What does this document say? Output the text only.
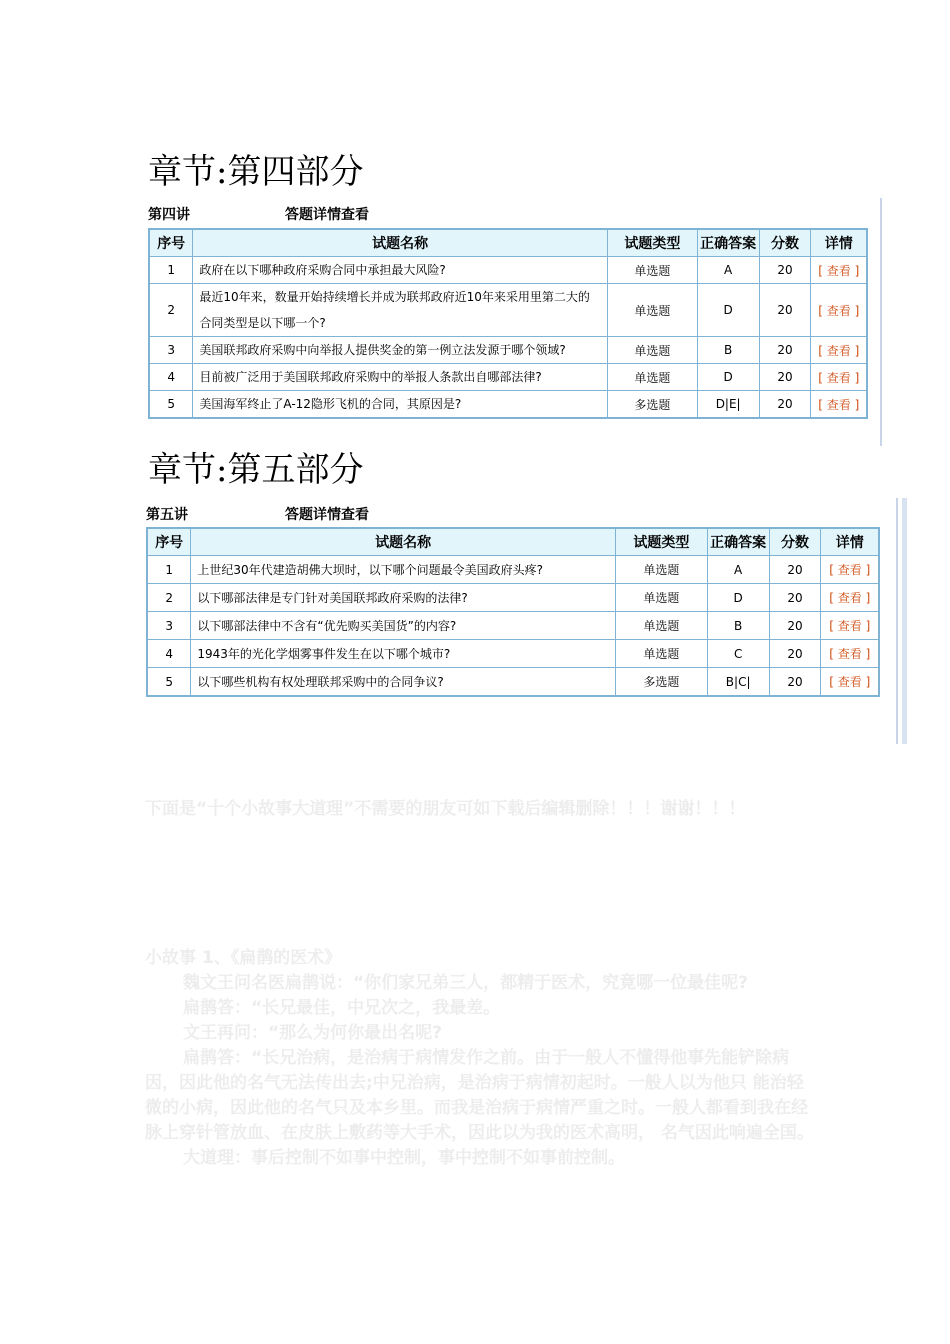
章节:第四部分
第四讲	答题详情查看
序号	试题名称	试题类型	正确答案	分数	详情
1	政府在以下哪种政府采购合同中承担最大风险?	单选题	A	20	[ 查看 ]
2	最近10年来，数量开始持续增长并成为联邦政府近10年来采用里第二大的合同类型是以下哪一个?	单选题	D	20	[ 查看 ]
3	美国联邦政府采购中向举报人提供奖金的第一例立法发源于哪个领域?	单选题	B	20	[ 查看 ]
4	目前被广泛用于美国联邦政府采购中的举报人条款出自哪部法律?	单选题	D	20	[ 查看 ]
5	美国海军终止了A-12隐形飞机的合同，其原因是?	多选题	D|E|	20	[ 查看 ]
章节:第五部分
第五讲	答题详情查看
序号	试题名称	试题类型	正确答案	分数	详情
1	上世纪30年代建造胡佛大坝时，以下哪个问题最令美国政府头疼?	单选题	A	20	[ 查看 ]
2	以下哪部法律是专门针对美国联邦政府采购的法律?	单选题	D	20	[ 查看 ]
3	以下哪部法律中不含有“优先购买美国货”的内容?	单选题	B	20	[ 查看 ]
4	1943年的光化学烟雾事件发生在以下哪个城市?	单选题	C	20	[ 查看 ]
5	以下哪些机构有权处理联邦采购中的合同争议?	多选题	B|C|	20	[ 查看 ]

下面是“十个小故事大道理”不需要的朋友可如下载后编辑删除！！！谢谢！！！

小故事 1、《扁鹊的医术》

魏文王问名医扁鹊说：“你们家兄弟三人，都精于医术，究竟哪一位最佳呢?

扁鹊答：“长兄最佳，中兄次之，我最差。

文王再问：“那么为何你最出名呢?

扁鹊答：“长兄治病，是治病于病情发作之前。由于一般人不懂得他事先能铲除病因，因此他的名气无法传出去;中兄治病，是治病于病情初起时。一般人以为他只 能治轻微的小病，因此他的名气只及本乡里。而我是治病于病情严重之时。一般人都看到我在经脉上穿针管放血、在皮肤上敷药等大手术，因此以为我的医术高明， 名气因此响遍全国。

大道理：事后控制不如事中控制，事中控制不如事前控制。
